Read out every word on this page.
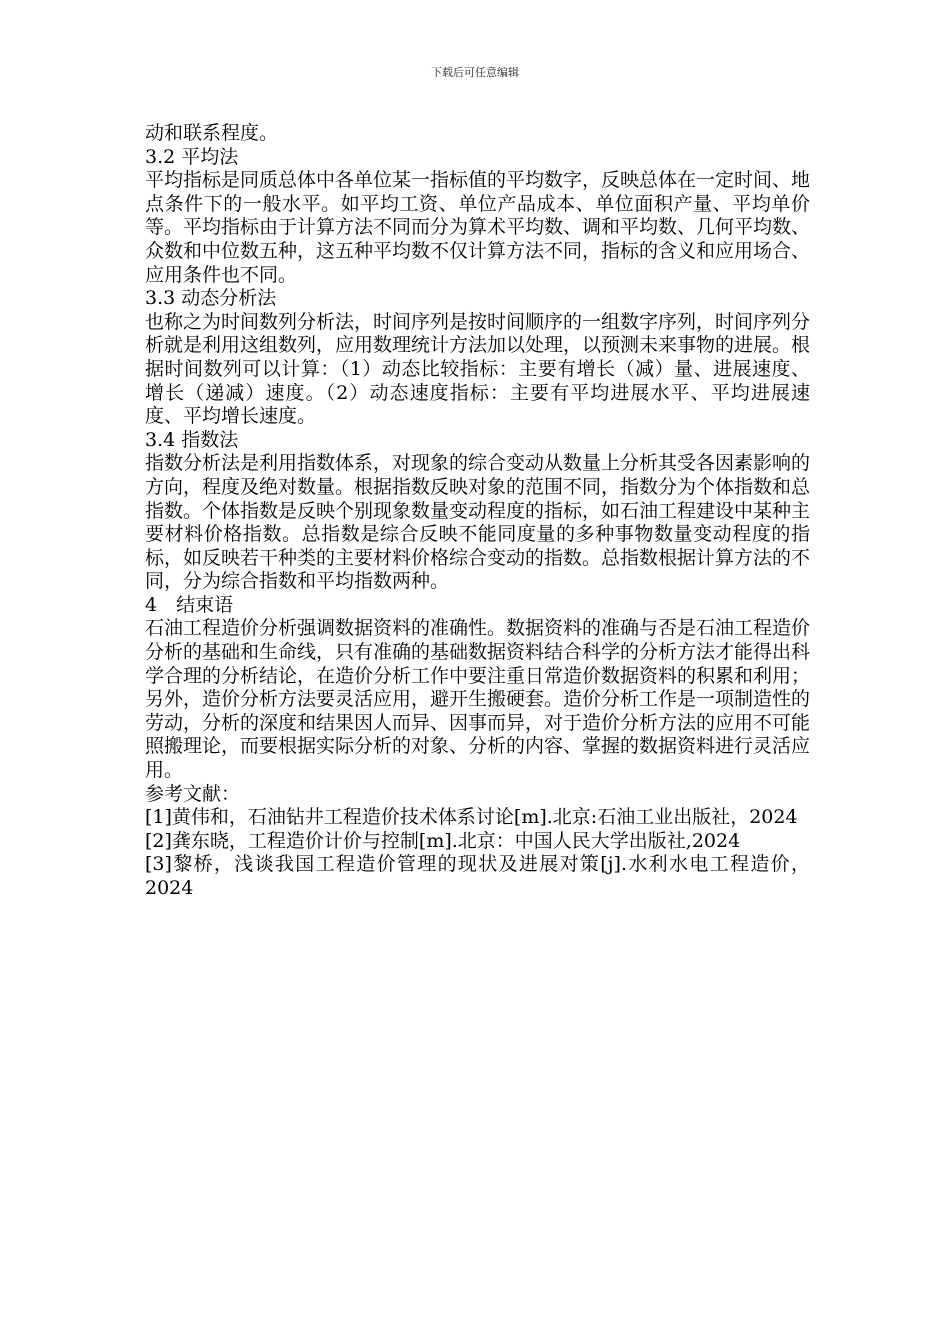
下载后可任意编辑

动和联系程度。

3.2 平均法

平均指标是同质总体中各单位某一指标值的平均数字，反映总体在一定时间、地点条件下的一般水平。如平均工资、单位产品成本、单位面积产量、平均单价等。平均指标由于计算方法不同而分为算术平均数、调和平均数、几何平均数、众数和中位数五种，这五种平均数不仅计算方法不同，指标的含义和应用场合、应用条件也不同。

3.3 动态分析法

也称之为时间数列分析法，时间序列是按时间顺序的一组数字序列，时间序列分析就是利用这组数列，应用数理统计方法加以处理，以预测未来事物的进展。根据时间数列可以计算：（1）动态比较指标：主要有增长（减）量、进展速度、增长（递减）速度。（2）动态速度指标：主要有平均进展水平、平均进展速度、平均增长速度。

3.4 指数法

指数分析法是利用指数体系，对现象的综合变动从数量上分析其受各因素影响的方向，程度及绝对数量。根据指数反映对象的范围不同，指数分为个体指数和总指数。个体指数是反映个别现象数量变动程度的指标，如石油工程建设中某种主要材料价格指数。总指数是综合反映不能同度量的多种事物数量变动程度的指标，如反映若干种类的主要材料价格综合变动的指数。总指数根据计算方法的不同，分为综合指数和平均指数两种。

4　结束语

石油工程造价分析强调数据资料的准确性。数据资料的准确与否是石油工程造价分析的基础和生命线，只有准确的基础数据资料结合科学的分析方法才能得出科学合理的分析结论，在造价分析工作中要注重日常造价数据资料的积累和利用；另外，造价分析方法要灵活应用，避开生搬硬套。造价分析工作是一项制造性的劳动，分析的深度和结果因人而异、因事而异，对于造价分析方法的应用不可能照搬理论，而要根据实际分析的对象、分析的内容、掌握的数据资料进行灵活应用。

参考文献：

[1]黄伟和，石油钻井工程造价技术体系讨论[m].北京:石油工业出版社，2024

[2]龚东晓，工程造价计价与控制[m].北京：中国人民大学出版社,2024

[3]黎桥，浅谈我国工程造价管理的现状及进展对策[j].水利水电工程造价，2024
